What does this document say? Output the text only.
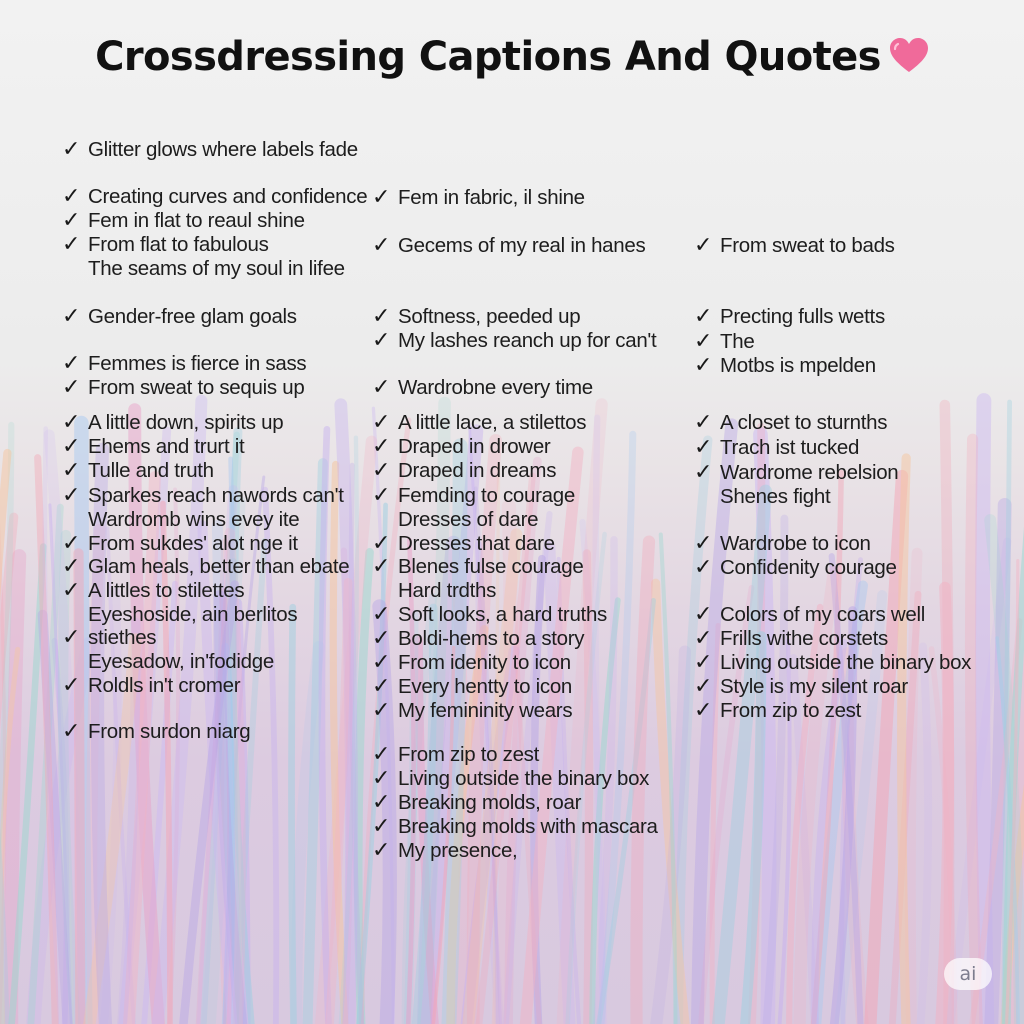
Crossdressing Captions And Quotes
✓ Glitter glows where labels fade
✓ Creating curves and confidence
✓ Fem in flat to reaul shine
✓ From flat to fabulous
The seams of my soul in lifee
✓ Gender-free glam goals
✓ Femmes is fierce in sass
✓ From sweat to sequis up
✓ A little down, spirits up
✓ Ehems and trurt it
✓ Tulle and truth
✓ Sparkes reach nawords can't
Wardromb wins evey ite
✓ From sukdes' alot nge it
✓ Glam heals, better than ebate
✓ A littles to stilettes
Eyeshoside, ain berlitos
✓ stiethes
Eyesadow, in'fodidge
✓ Roldls in't cromer
✓ From surdon niarg
✓ Fem in fabric, il shine
✓ Gecems of my real in hanes
✓ Softness, peeded up
✓ My lashes reanch up for can't
✓ Wardrobne every time
✓ A little lace, a stilettos
✓ Draped in drower
✓ Draped in dreams
✓ Femding to courage
Dresses of dare
✓ Dresses that dare
✓ Blenes fulse courage
Hard trdths
✓ Soft looks, a hard truths
✓ Boldi-hems to a story
✓ From idenity to icon
✓ Every hentty to icon
✓ My femininity wears
✓ From zip to zest
✓ Living outside the binary box
✓ Breaking molds, roar
✓ Breaking molds with mascara
✓ My presence,
✓ From sweat to bads
✓ Precting fulls wetts
✓ The
✓ Motbs is mpelden
✓ A closet to sturnths
✓ Trach ist tucked
✓ Wardrome rebelsion
Shenes fight
✓ Wardrobe to icon
✓ Confidenity courage
✓ Colors of my coars well
✓ Frills withe corstets
✓ Living outside the binary box
✓ Style is my silent roar
✓ From zip to zest
ai
